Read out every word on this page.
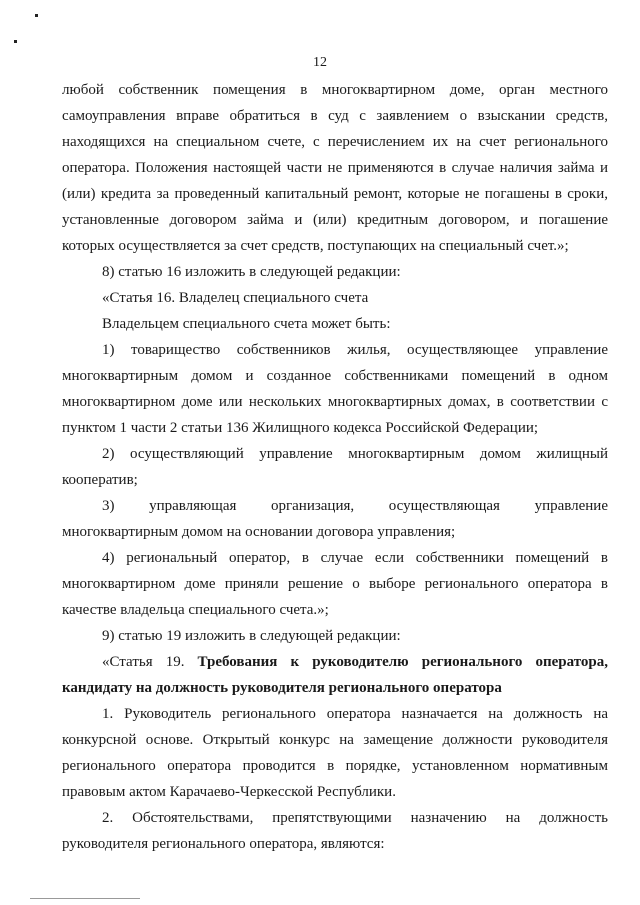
12
любой собственник помещения в многоквартирном доме, орган местного
самоуправления вправе обратиться в суд с заявлением о взыскании средств,
находящихся на специальном счете, с перечислением их на счет регионального
оператора. Положения настоящей части не применяются в случае наличия займа и
(или) кредита за проведенный капитальный ремонт, которые не погашены в сроки,
установленные договором займа и (или) кредитным договором, и погашение
которых осуществляется за счет средств, поступающих на специальный счет.»;
8) статью 16 изложить в следующей редакции:
«Статья 16. Владелец специального счета
Владельцем специального счета может быть:
1) товарищество собственников жилья, осуществляющее управление
многоквартирным домом и созданное собственниками помещений в одном
многоквартирном доме или нескольких многоквартирных домах, в соответствии с
пунктом 1 части 2 статьи 136 Жилищного кодекса Российской Федерации;
2) осуществляющий управление многоквартирным домом жилищный
кооператив;
3) управляющая организация, осуществляющая управление
многоквартирным домом на основании договора управления;
4) региональный оператор, в случае если собственники помещений в
многоквартирном доме приняли решение о выборе регионального оператора в
качестве владельца специального счета.»;
9) статью 19 изложить в следующей редакции:
«Статья 19. Требования к руководителю регионального оператора,
кандидату на должность руководителя регионального оператора
1. Руководитель регионального оператора назначается на должность на
конкурсной основе. Открытый конкурс на замещение должности руководителя
регионального оператора проводится в порядке, установленном нормативным
правовым актом Карачаево-Черкесской Республики.
2. Обстоятельствами, препятствующими назначению на должность
руководителя регионального оператора, являются:
